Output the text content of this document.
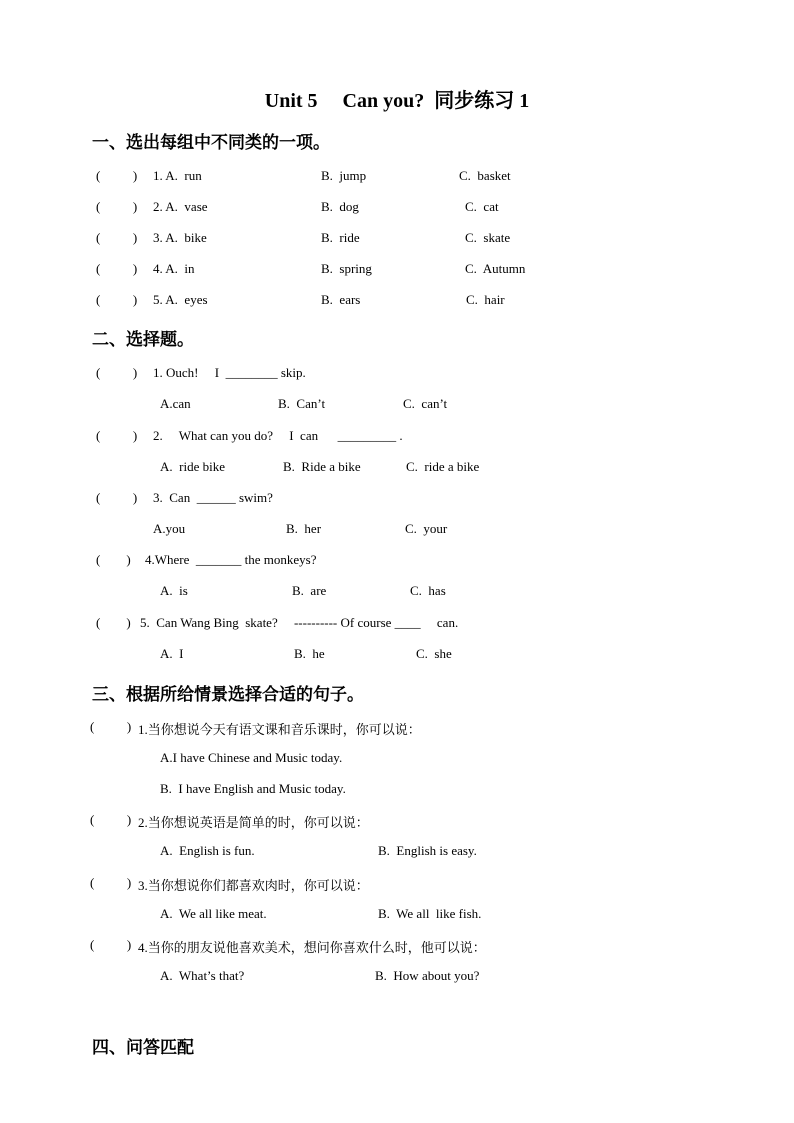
Unit 5     Can you?  同步练习 1
一、选出每组中不同类的一项。
(          ) 1. A.  run	B.  jump	C.  basket
(          ) 2. A.  vase	B.  dog	C.  cat
(          ) 3. A.  bike	B.  ride	C.  skate
(          ) 4. A.  in	B.  spring	C.  Autumn
(          ) 5. A.  eyes	B.  ears	C.  hair
二、选择题。
(          ) 1. Ouch!     I  ________ skip.
A.can	B.  Can’t	C.  can’t
(          ) 2.     What can you do?     I  can      _________ .
A.  ride bike	B.  Ride a bike	C.  ride a bike
(          ) 3.  Can  ______ swim?
A.you	B.  her	C.  your
(        ) 4.Where  _______ the monkeys?
A.  is	B.  are	C.  has
(        ) 5.  Can Wang Bing  skate?     ---------- Of course ____     can.
A.  I	B.  he	C.  she
三、根据所给情景选择合适的句子。
(          ) 1.当你想说今天有语文课和音乐课时，你可以说：
A.I have Chinese and Music today.
B.  I have English and Music today.
(          ) 2.当你想说英语是简单的时，你可以说：
A.  English is fun.	B.  English is easy.
(          ) 3.当你想说你们都喜欢肉时，你可以说：
A.  We all like meat.	B.  We all  like fish.
(          ) 4.当你的朋友说他喜欢美术，想问你喜欢什么时，他可以说：
A.  What’s that?	B.  How about you?
四、问答匹配
